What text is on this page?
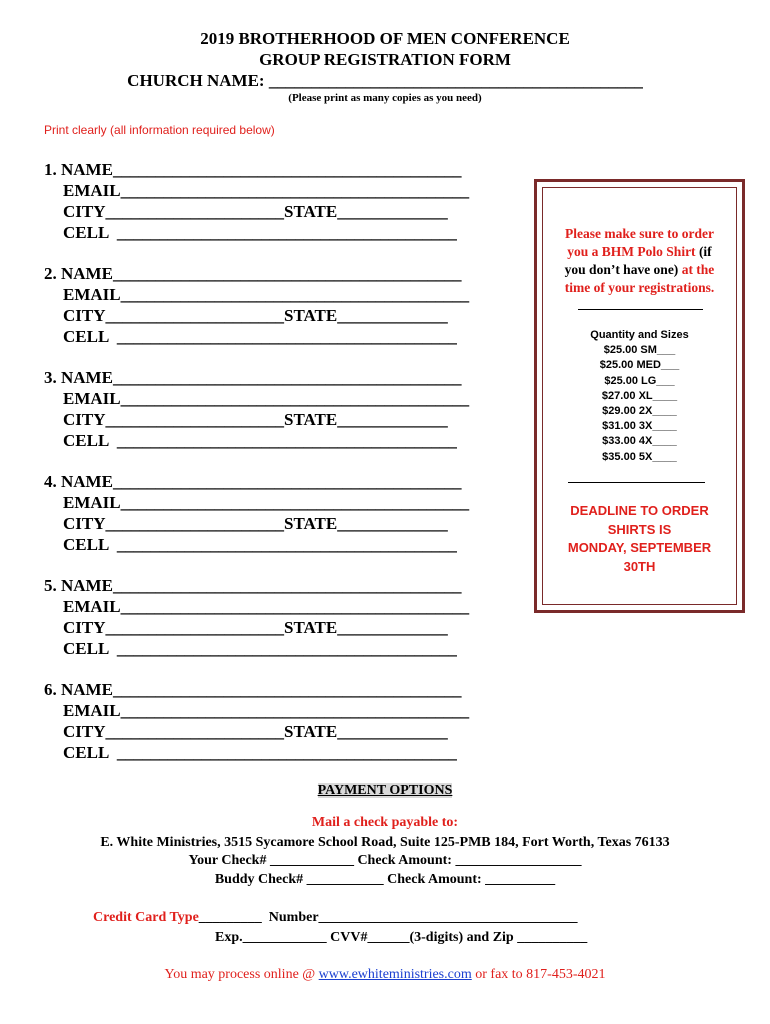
2019 BROTHERHOOD OF MEN CONFERENCE
GROUP REGISTRATION FORM
CHURCH NAME: ____________________________________________
(Please print as many copies as you need)
Print clearly (all information required below)
1. NAME_________________________________________
EMAIL_________________________________________
CITY_____________________STATE_____________
CELL  ________________________________________
2. NAME_________________________________________
EMAIL_________________________________________
CITY_____________________STATE_____________
CELL  ________________________________________
3. NAME_________________________________________
EMAIL_________________________________________
CITY_____________________STATE_____________
CELL  ________________________________________
4. NAME_________________________________________
EMAIL_________________________________________
CITY_____________________STATE_____________
CELL  ________________________________________
5. NAME_________________________________________
EMAIL_________________________________________
CITY_____________________STATE_____________
CELL  ________________________________________
6. NAME_________________________________________
EMAIL_________________________________________
CITY_____________________STATE_____________
CELL  ________________________________________
Please make sure to order
you a BHM Polo Shirt (if
you don’t have one) at the
time of your registrations.
Quantity and Sizes
$25.00 SM___
$25.00 MED___
$25.00 LG___
$27.00 XL____
$29.00 2X____
$31.00 3X____
$33.00 4X____
$35.00 5X____
DEADLINE TO ORDER
SHIRTS IS
MONDAY, SEPTEMBER
30TH
PAYMENT OPTIONS
Mail a check payable to:
E. White Ministries, 3515 Sycamore School Road, Suite 125-PMB 184, Fort Worth, Texas 76133
Your Check# ____________ Check Amount: __________________
Buddy Check# ___________ Check Amount: __________
Credit Card Type_________  Number_____________________________________
Exp.____________ CVV#______(3-digits) and Zip __________
You may process online @ www.ewhiteministries.com or fax to 817-453-4021
